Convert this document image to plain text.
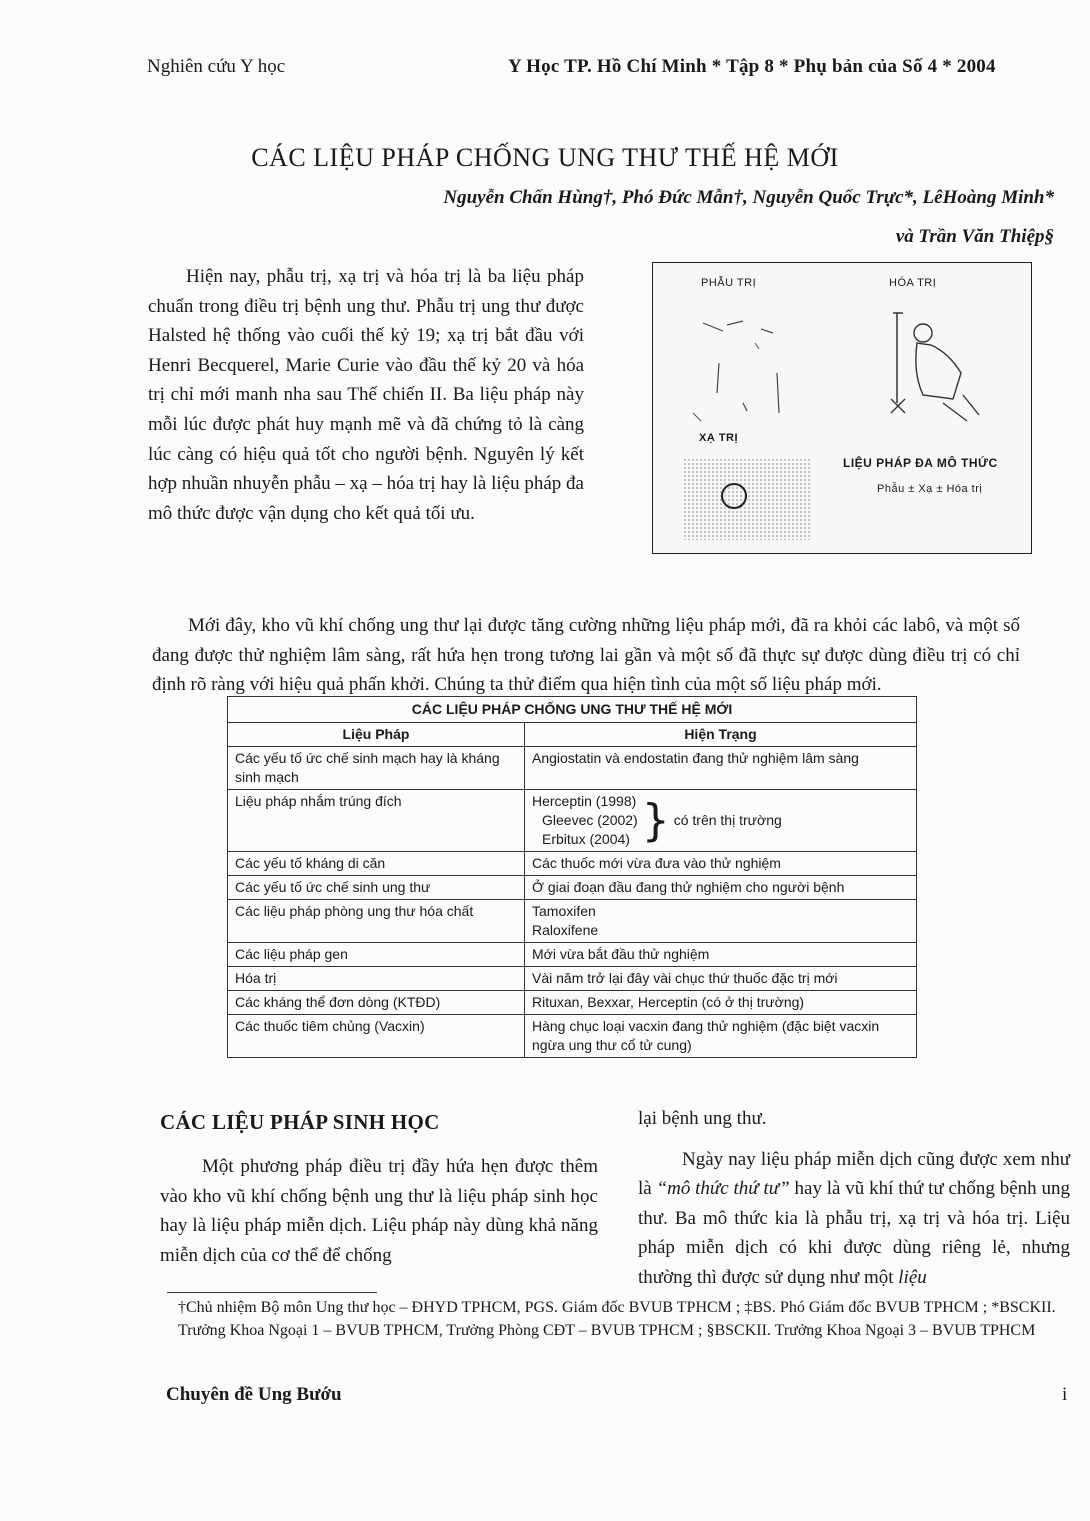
Nghiên cứu Y học	Y Học TP. Hồ Chí Minh * Tập 8 * Phụ bản của Số 4 * 2004
CÁC LIỆU PHÁP CHỐNG UNG THƯ THẾ HỆ MỚI
Nguyễn Chấn Hùng†, Phó Đức Mẫn†, Nguyễn Quốc Trực*, LêHoàng Minh*
và Trần Văn Thiệp§
Hiện nay, phẫu trị, xạ trị và hóa trị là ba liệu pháp chuẩn trong điều trị bệnh ung thư. Phẫu trị ung thư được Halsted hệ thống vào cuối thế kỷ 19; xạ trị bắt đầu với Henri Becquerel, Marie Curie vào đầu thế kỷ 20 và hóa trị chỉ mới manh nha sau Thế chiến II. Ba liệu pháp này mỗi lúc được phát huy mạnh mẽ và đã chứng tỏ là càng lúc càng có hiệu quả tốt cho người bệnh. Nguyên lý kết hợp nhuần nhuyễn phẫu – xạ – hóa trị hay là liệu pháp đa mô thức được vận dụng cho kết quả tối ưu.
PHẪU TRỊ	HÓA TRỊ
XẠ TRỊ
LIỆU PHÁP ĐA MÔ THỨC
Phẫu ± Xạ ± Hóa trị
Mới đây, kho vũ khí chống ung thư lại được tăng cường những liệu pháp mới, đã ra khỏi các labô, và một số đang được thử nghiệm lâm sàng, rất hứa hẹn trong tương lai gần và một số đã thực sự được dùng điều trị có chỉ định rõ ràng với hiệu quả phấn khởi. Chúng ta thử điểm qua hiện tình của một số liệu pháp mới.
CÁC LIỆU PHÁP CHỐNG UNG THƯ THẾ HỆ MỚI	
Liệu Pháp	Hiện Trạng
Các yếu tố ức chế sinh mạch hay là kháng sinh mạch	Angiostatin và endostatin đang thử nghiệm lâm sàng
Liệu pháp nhắm trúng đích	Herceptin (1998)
Gleevec (2002)
Erbitux (2004) } có trên thị trường

Các yếu tố kháng di căn	Các thuốc mới vừa đưa vào thử nghiệm
Các yếu tố ức chế sinh ung thư	Ở giai đoạn đầu đang thử nghiệm cho người bệnh
Các liệu pháp phòng ung thư hóa chất	Tamoxifen
Raloxifene

Các liệu pháp gen	Mới vừa bắt đầu thử nghiệm
Hóa trị	Vài năm trở lại đây vài chục thứ thuốc đặc trị mới
Các kháng thể đơn dòng (KTĐD)	Rituxan, Bexxar, Herceptin (có ở thị trường)
Các thuốc tiêm chủng (Vacxin)	Hàng chục loại vacxin đang thử nghiệm (đặc biệt vacxin ngừa ung thư cổ tử cung)
CÁC LIỆU PHÁP SINH HỌC
Một phương pháp điều trị đầy hứa hẹn được thêm vào kho vũ khí chống bệnh ung thư là liệu pháp sinh học hay là liệu pháp miễn dịch. Liệu pháp này dùng khả năng miễn dịch của cơ thể để chống

lại bệnh ung thư.

Ngày nay liệu pháp miễn dịch cũng được xem như là “mô thức thứ tư” hay là vũ khí thứ tư chống bệnh ung thư. Ba mô thức kia là phẫu trị, xạ trị và hóa trị. Liệu pháp miễn dịch có khi được dùng riêng lẻ, nhưng thường thì được sử dụng như một liệu

†Chủ nhiệm Bộ môn Ung thư học – ĐHYD TPHCM, PGS. Giám đốc BVUB TPHCM ; ‡BS. Phó Giám đốc BVUB TPHCM ; *BSCKII. Trưởng Khoa Ngoại 1 – BVUB TPHCM, Trưởng Phòng CĐT – BVUB TPHCM ; §BSCKII. Trưởng Khoa Ngoại 3 – BVUB TPHCM
Chuyên đề Ung Bướu	i
